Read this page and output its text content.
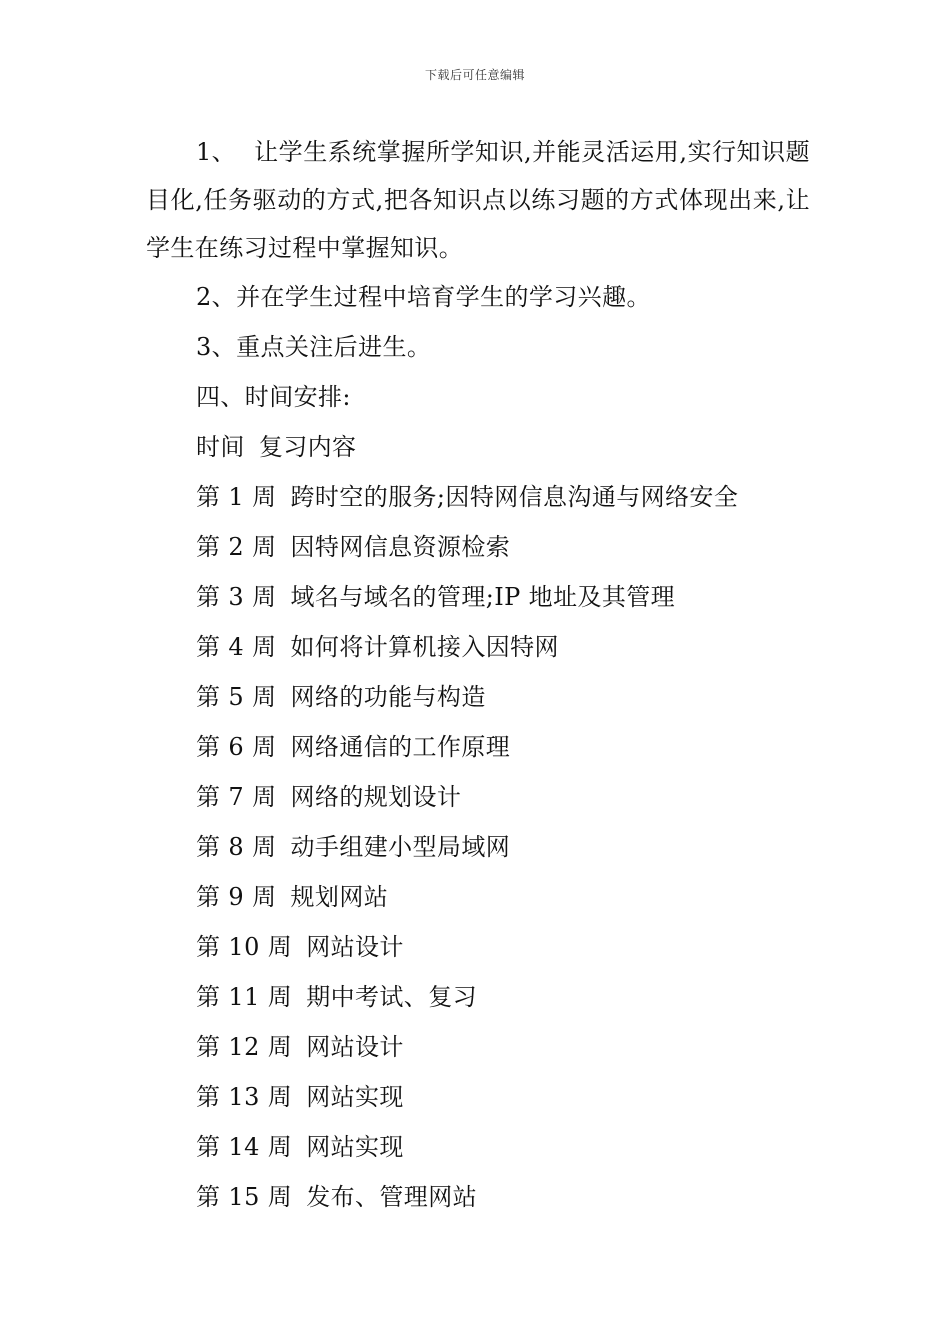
下载后可任意编辑

1、 让学生系统掌握所学知识,并能灵活运用,实行知识题目化,任务驱动的方式,把各知识点以练习题的方式体现出来,让学生在练习过程中掌握知识。

2、并在学生过程中培育学生的学习兴趣。

3、重点关注后进生。

四、时间安排:

时间 复习内容

第 1 周 跨时空的服务;因特网信息沟通与网络安全

第 2 周 因特网信息资源检索

第 3 周 域名与域名的管理;IP 地址及其管理

第 4 周 如何将计算机接入因特网

第 5 周 网络的功能与构造

第 6 周 网络通信的工作原理

第 7 周 网络的规划设计

第 8 周 动手组建小型局域网

第 9 周 规划网站

第 10 周 网站设计

第 11 周 期中考试、复习

第 12 周 网站设计

第 13 周 网站实现

第 14 周 网站实现

第 15 周 发布、管理网站
